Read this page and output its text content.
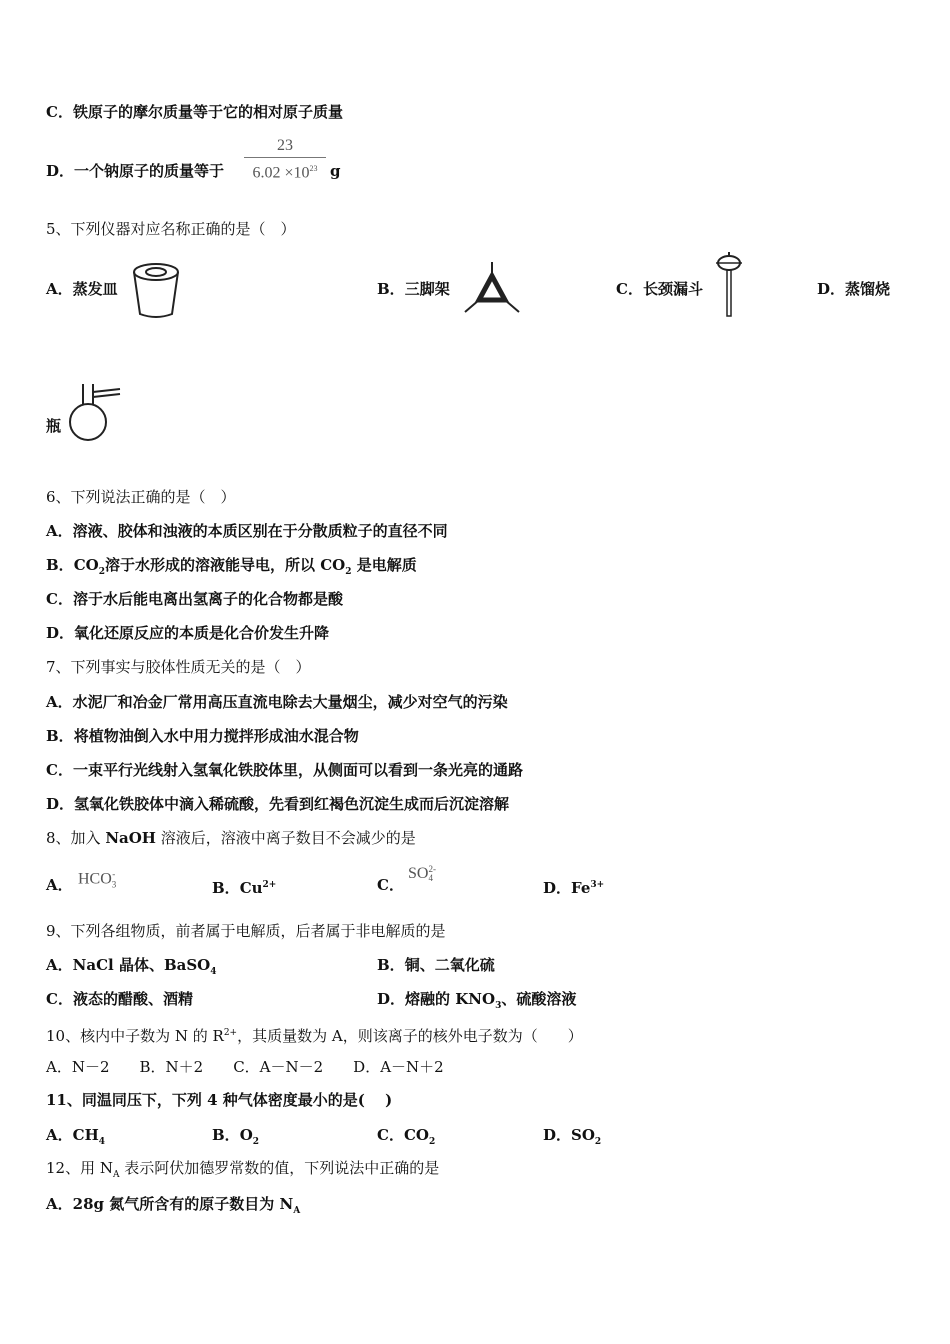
C．铁原子的摩尔质量等于它的相对原子质量
D．一个钠原子的质量等于
23
$6.02 \times 10^{23}$ g
5、下列仪器对应名称正确的是（　）
A．蒸发皿	B．三脚架	C．长颈漏斗	D．蒸馏烧
瓶
6、下列说法正确的是（　）
A．溶液、胶体和浊液的本质区别在于分散质粒子的直径不同
B．$CO_2$溶于水形成的溶液能导电，所以 $CO_2$ 是电解质
C．溶于水后能电离出氢离子的化合物都是酸
D．氧化还原反应的本质是化合价发生升降
7、下列事实与胶体性质无关的是（　）
A．水泥厂和冶金厂常用高压直流电除去大量烟尘，减少对空气的污染
B．将植物油倒入水中用力搅拌形成油水混合物
C．一束平行光线射入氢氧化铁胶体里，从侧面可以看到一条光亮的通路
D．氢氧化铁胶体中滴入稀硫酸，先看到红褐色沉淀生成而后沉淀溶解
8、加入 NaOH 溶液后，溶液中离子数目不会减少的是
A． $HCO_3^-$
B．$Cu^{2+}$	C．
SO 2-
4
D．$Fe^{3+}$
9、下列各组物质，前者属于电解质，后者属于非电解质的是
A．NaCl 晶体、BaSO$_4$	B．铜、二氧化硫
C．液态的醋酸、酒精	D．熔融的 $KNO_3$、硫酸溶液
10、核内中子数为 N 的 $R^{2+}$，其质量数为 A，则该离子的核外电子数为（　　）
A．N－2　　B．N＋2　　C．A－N－2　　D．A－N＋2
11、同温同压下，下列 4 种气体密度最小的是(　 )
A．$CH_4$	B．$O_2$	C．$CO_2$	D．$SO_2$
12、用 $N_A$ 表示阿伏加德罗常数的值，下列说法中正确的是
A．28g 氮气所含有的原子数目为 $N_A$
